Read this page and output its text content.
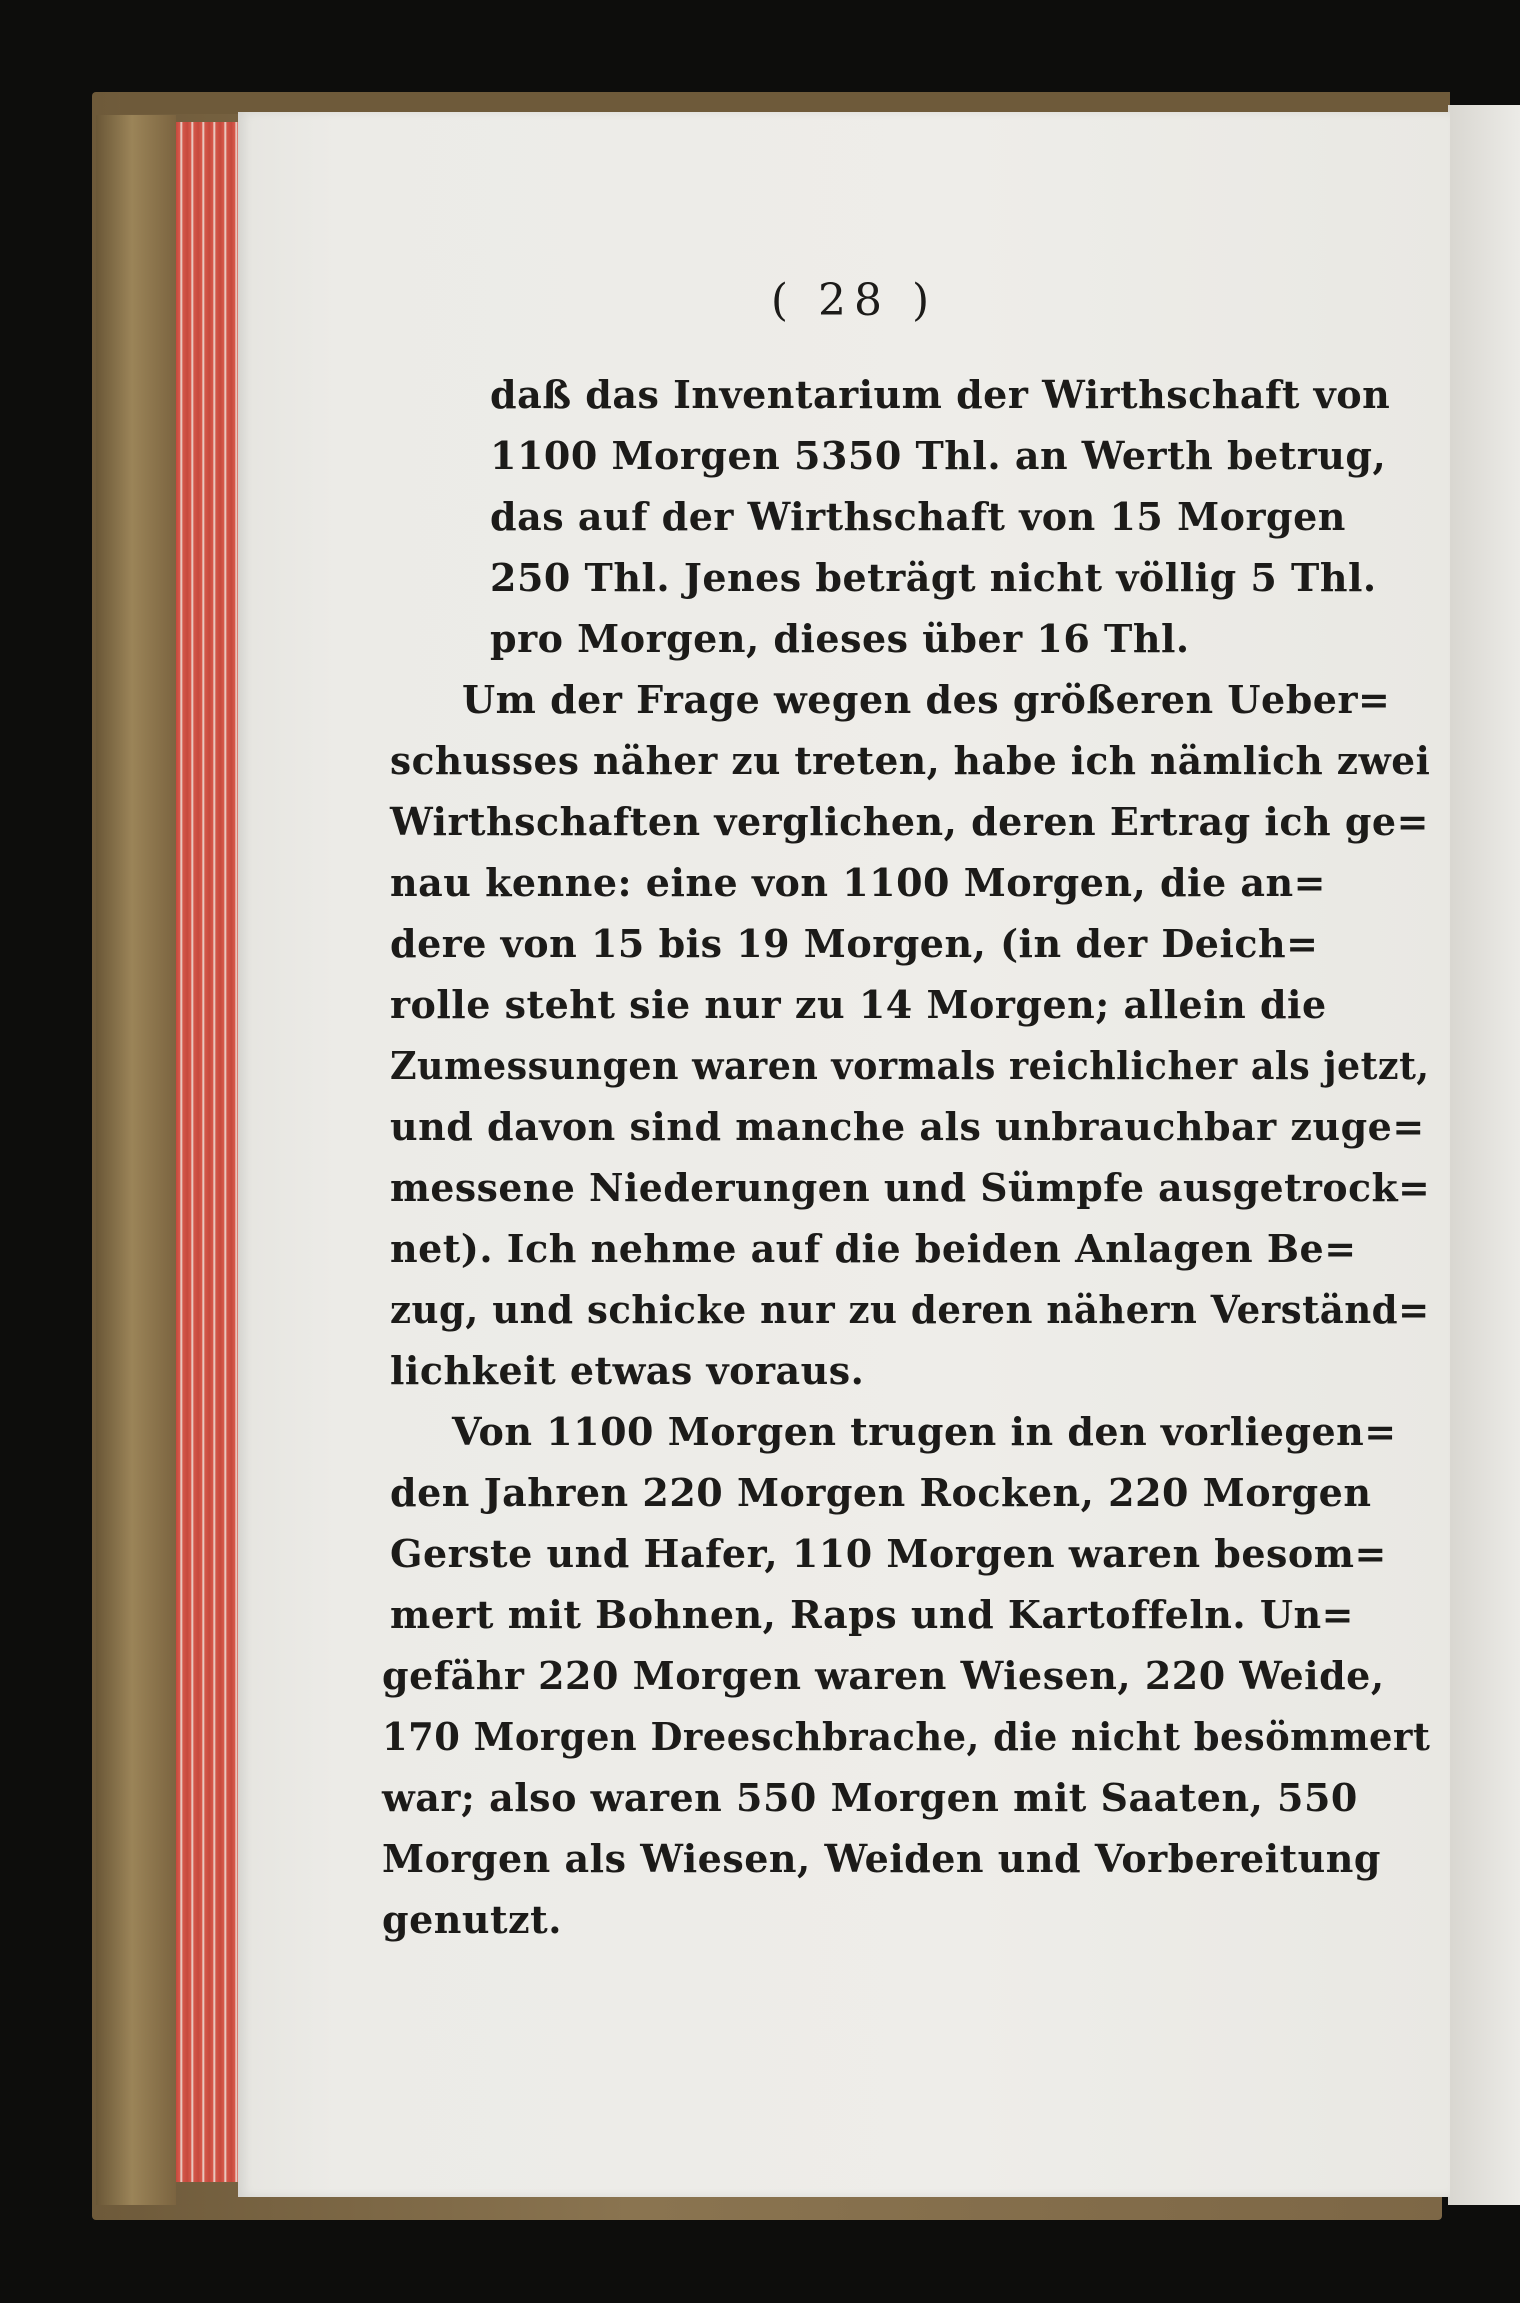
( 28 )
daß das Inventarium der Wirthschaft von
1100 Morgen 5350 Thl. an Werth betrug,
das auf der Wirthschaft von 15 Morgen
250 Thl. Jenes beträgt nicht völlig 5 Thl.
pro Morgen, dieses über 16 Thl.
Um der Frage wegen des größeren Ueber=
schusses näher zu treten, habe ich nämlich zwei
Wirthschaften verglichen, deren Ertrag ich ge=
nau kenne: eine von 1100 Morgen, die an=
dere von 15 bis 19 Morgen, (in der Deich=
rolle steht sie nur zu 14 Morgen; allein die
Zumessungen waren vormals reichlicher als jetzt,
und davon sind manche als unbrauchbar zuge=
messene Niederungen und Sümpfe ausgetrock=
net). Ich nehme auf die beiden Anlagen Be=
zug, und schicke nur zu deren nähern Verständ=
lichkeit etwas voraus.
Von 1100 Morgen trugen in den vorliegen=
den Jahren 220 Morgen Rocken, 220 Morgen
Gerste und Hafer, 110 Morgen waren besom=
mert mit Bohnen, Raps und Kartoffeln. Un=
gefähr 220 Morgen waren Wiesen, 220 Weide,
170 Morgen Dreeschbrache, die nicht besömmert
war; also waren 550 Morgen mit Saaten, 550
Morgen als Wiesen, Weiden und Vorbereitung
genutzt.
